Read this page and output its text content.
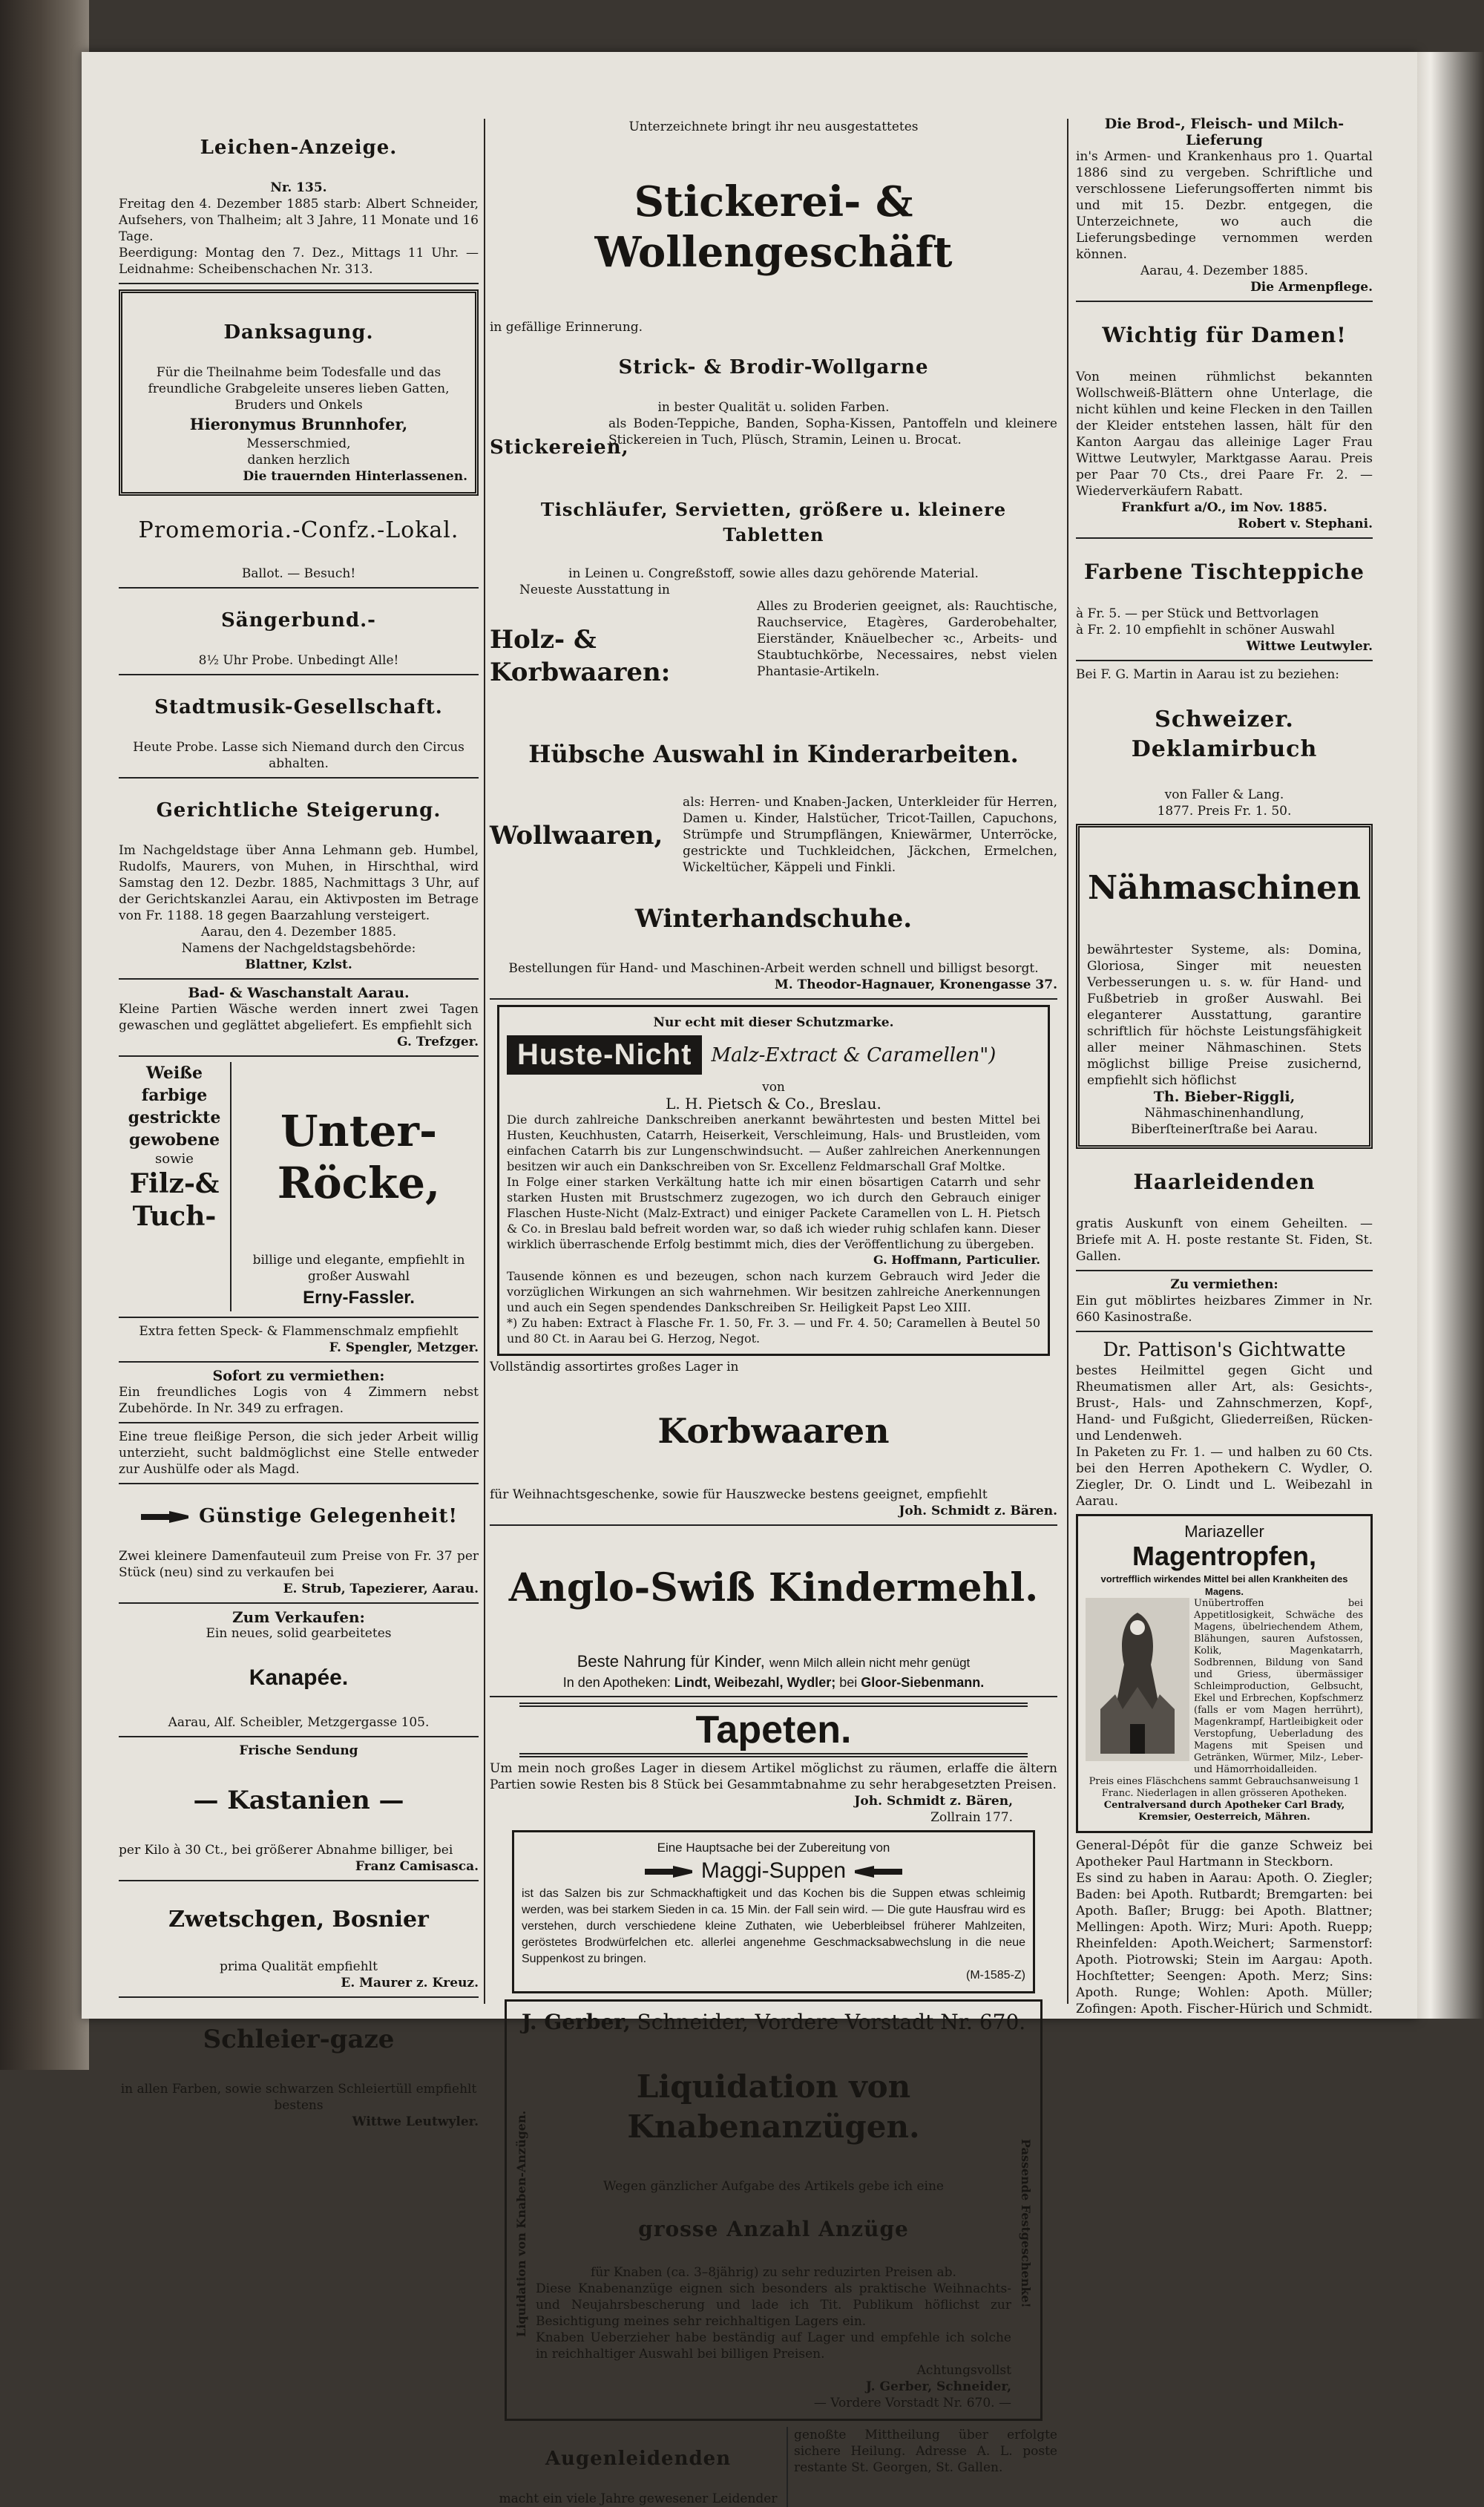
Leichen-Anzeige.

Nr. 135.

Freitag den 4. Dezember 1885 starb: Albert Schneider, Aufsehers, von Thalheim; alt 3 Jahre, 11 Monate und 16 Tage.

Beerdigung: Montag den 7. Dez., Mittags 11 Uhr. — Leidnahme: Scheibenschachen Nr. 313.

Danksagung.

Für die Theilnahme beim Todesfalle und das freundliche Grabgeleite unseres lieben Gatten, Bruders und Onkels

Hieronymus Brunnhofer,

Messerschmied,

danken herzlich

Die trauernden Hinterlassenen.

Promemoria.-Confz.-Lokal.

Ballot. — Besuch!

Sängerbund.-

8½ Uhr Probe. Unbedingt Alle!

Stadtmusik-Gesellschaft.

Heute Probe. Lasse sich Niemand durch den Circus abhalten.

Gerichtliche Steigerung.

Im Nachgeldstage über Anna Lehmann geb. Humbel, Rudolfs, Maurers, von Muhen, in Hirschthal, wird Samstag den 12. Dezbr. 1885, Nachmittags 3 Uhr, auf der Gerichtskanzlei Aarau, ein Aktivposten im Betrage von Fr. 1188. 18 gegen Baarzahlung versteigert.

Aarau, den 4. Dezember 1885.

Namens der Nachgeldstagsbehörde:

Blattner, Kzlst.

Bad- & Waschanstalt Aarau.

Kleine Partien Wäsche werden innert zwei Tagen gewaschen und geglättet abgeliefert. Es empfiehlt sich

G. Trefzger.

Weiße

farbige

gestrickte

gewobene

sowie

Filz-& Tuch-

Unter-Röcke,

billige und elegante, empfiehlt in großer Auswahl

Erny-Fassler.

Extra fetten Speck- & Flammenschmalz empfiehlt

F. Spengler, Metzger.

Sofort zu vermiethen:

Ein freundliches Logis von 4 Zimmern nebst Zubehörde. In Nr. 349 zu erfragen.

Eine treue fleißige Person, die sich jeder Arbeit willig unterzieht, sucht baldmöglichst eine Stelle entweder zur Aushülfe oder als Magd.

Günstige Gelegenheit!

Zwei kleinere Damenfauteuil zum Preise von Fr. 37 per Stück (neu) sind zu verkaufen bei

E. Strub, Tapezierer, Aarau.

Zum Verkaufen:

Ein neues, solid gearbeitetes

Kanapée.

Aarau, Alf. Scheibler, Metzgergasse 105.

Frische Sendung

— Kastanien —

per Kilo à 30 Ct., bei größerer Abnahme billiger, bei

Franz Camisasca.

Zwetschgen, Bosnier

prima Qualität empfiehlt

E. Maurer z. Kreuz.

Schleier-gaze

in allen Farben, sowie schwarzen Schleiertüll empfiehlt bestens

Wittwe Leutwyler.

Unterzeichnete bringt ihr neu ausgestattetes

Stickerei- & Wollengeschäft

in gefällige Erinnerung.

Strick- & Brodir-Wollgarne

in bester Qualität u. soliden Farben.

Stickereien,

als Boden-Teppiche, Banden, Sopha-Kissen, Pantoffeln und kleinere Stickereien in Tuch, Plüsch, Stramin, Leinen u. Brocat.

Tischläufer, Servietten, größere u. kleinere Tabletten

in Leinen u. Congreßstoff, sowie alles dazu gehörende Material.

Neueste Ausstattung in

Holz- & Korbwaaren:

Alles zu Broderien geeignet, als: Rauchtische, Rauchservice, Etagères, Garderobehalter, Eierständer, Knäuelbecher ꝛc., Arbeits- und Staubtuchkörbe, Necessaires, nebst vielen Phantasie-Artikeln.

Hübsche Auswahl in Kinderarbeiten.

Wollwaaren,

als: Herren- und Knaben-Jacken, Unterkleider für Herren, Damen u. Kinder, Halstücher, Tricot-Taillen, Capuchons, Strümpfe und Strumpflängen, Kniewärmer, Unterröcke, gestrickte und Tuchkleidchen, Jäckchen, Ermelchen, Wickeltücher, Käppeli und Finkli.

Winterhandschuhe.

Bestellungen für Hand- und Maschinen-Arbeit werden schnell und billigst besorgt.

M. Theodor-Hagnauer, Kronengasse 37.

Nur echt mit dieser Schutzmarke.

Huste-Nicht	Malz-Extract & Caramellen")

von

L. H. Pietsch & Co., Breslau.

Die durch zahlreiche Dankschreiben anerkannt bewährtesten und besten Mittel bei Husten, Keuchhusten, Catarrh, Heiserkeit, Verschleimung, Hals- und Brustleiden, vom einfachen Catarrh bis zur Lungenschwindsucht. — Außer zahlreichen Anerkennungen besitzen wir auch ein Dankschreiben von Sr. Excellenz Feldmarschall Graf Moltke.

In Folge einer starken Verkältung hatte ich mir einen bösartigen Catarrh und sehr starken Husten mit Brustschmerz zugezogen, wo ich durch den Gebrauch einiger Flaschen Huste-Nicht (Malz-Extract) und einiger Packete Caramellen von L. H. Pietsch & Co. in Breslau bald befreit worden war, so daß ich wieder ruhig schlafen kann. Dieser wirklich überraschende Erfolg bestimmt mich, dies der Veröffentlichung zu übergeben.

G. Hoffmann, Particulier.

Tausende können es und bezeugen, schon nach kurzem Gebrauch wird Jeder die vorzüglichen Wirkungen an sich wahrnehmen. Wir besitzen zahlreiche Anerkennungen und auch ein Segen spendendes Dankschreiben Sr. Heiligkeit Papst Leo XIII.

*) Zu haben: Extract à Flasche Fr. 1. 50, Fr. 3. — und Fr. 4. 50; Caramellen à Beutel 50 und 80 Ct. in Aarau bei G. Herzog, Negot.

Vollständig assortirtes großes Lager in

Korbwaaren

für Weihnachtsgeschenke, sowie für Hauszwecke bestens geeignet, empfiehlt

Joh. Schmidt z. Bären.

Anglo-Swiß Kindermehl.

Beste Nahrung für Kinder, wenn Milch allein nicht mehr genügt

In den Apotheken: Lindt, Weibezahl, Wydler; bei Gloor-Siebenmann.

Tapeten.

Um mein noch großes Lager in diesem Artikel möglichst zu räumen, erlaffe die ältern Partien sowie Resten bis 8 Stück bei Gesammtabnahme zu sehr herabgesetzten Preisen.

Joh. Schmidt z. Bären,

Zollrain 177.

Eine Hauptsache bei der Zubereitung von

Maggi-Suppen

ist das Salzen bis zur Schmackhaftigkeit und das Kochen bis die Suppen etwas schleimig werden, was bei starkem Sieden in ca. 15 Min. der Fall sein wird. — Die gute Hausfrau wird es verstehen, durch verschiedene kleine Zuthaten, wie Ueberbleibsel früherer Mahlzeiten, geröstetes Brodwürfelchen etc. allerlei angenehme Geschmacksabwechslung in die neue Suppenkost zu bringen.

(M-1585-Z)

J. Gerber, Schneider, Vordere Vorstadt Nr. 670.

Liquidation von Knaben-Anzügen.

Liquidation von Knabenanzügen.

Wegen gänzlicher Aufgabe des Artikels gebe ich eine

grosse Anzahl Anzüge

für Knaben (ca. 3–8jährig) zu sehr reduzirten Preisen ab.

Diese Knabenanzüge eignen sich besonders als praktische Weihnachts- und Neujahrsbescherung und lade ich Tit. Publikum höflichst zur Besichtigung meines sehr reichhaltigen Lagers ein.

Knaben Ueberzieher habe beständig auf Lager und empfehle ich solche in reichhaltiger Auswahl bei billigen Preisen.

Achtungsvollst

J. Gerber, Schneider,

— Vordere Vorstadt Nr. 670. —

Passende Festgeschenke!

Augenleidenden

macht ein viele Jahre gewesener Leidender

genoßte Mittheilung über erfolgte sichere Heilung. Adresse A. L. poste restante St. Georgen, St. Gallen.

Die Brod-, Fleisch- und Milch-Lieferung

in's Armen- und Krankenhaus pro 1. Quartal 1886 sind zu vergeben. Schriftliche und verschlossene Lieferungsofferten nimmt bis und mit 15. Dezbr. entgegen, die Unterzeichnete, wo auch die Lieferungsbedinge vernommen werden können.

Aarau, 4. Dezember 1885.

Die Armenpflege.

Wichtig für Damen!

Von meinen rühmlichst bekannten Wollschweiß-Blättern ohne Unterlage, die nicht kühlen und keine Flecken in den Taillen der Kleider entstehen lassen, hält für den Kanton Aargau das alleinige Lager Frau Wittwe Leutwyler, Marktgasse Aarau. Preis per Paar 70 Cts., drei Paare Fr. 2. — Wiederverkäufern Rabatt.

Frankfurt a/O., im Nov. 1885.

Robert v. Stephani.

Farbene Tischteppiche

à Fr. 5. — per Stück und Bettvorlagen

à Fr. 2. 10 empfiehlt in schöner Auswahl

Wittwe Leutwyler.

Bei F. G. Martin in Aarau ist zu beziehen:

Schweizer. Deklamirbuch

von Faller & Lang.

1877. Preis Fr. 1. 50.

Nähmaschinen

bewährtester Systeme, als: Domina, Gloriosa, Singer mit neuesten Verbesserungen u. s. w. für Hand- und Fußbetrieb in großer Auswahl. Bei eleganterer Ausstattung, garantire schriftlich für höchste Leistungsfähigkeit aller meiner Nähmaschinen. Stets möglichst billige Preise zusichernd, empfiehlt sich höflichst

Th. Bieber-Riggli,

Nähmaschinenhandlung,

Biberſteinerſtraße bei Aarau.

Haarleidenden

gratis Auskunft von einem Geheilten. — Briefe mit A. H. poste restante St. Fiden, St. Gallen.

Zu vermiethen:

Ein gut möblirtes heizbares Zimmer in Nr. 660 Kasinostraße.

Dr. Pattison's Gichtwatte

bestes Heilmittel gegen Gicht und Rheumatismen aller Art, als: Gesichts-, Brust-, Hals- und Zahnschmerzen, Kopf-, Hand- und Fußgicht, Gliederreißen, Rücken- und Lendenweh.

In Paketen zu Fr. 1. — und halben zu 60 Cts. bei den Herren Apothekern C. Wydler, O. Ziegler, Dr. O. Lindt und L. Weibezahl in Aarau.

Mariazeller

Magentropfen,

vortrefflich wirkendes Mittel bei allen Krankheiten des Magens.

Unübertroffen bei Appetitlosigkeit, Schwäche des Magens, übelriechendem Athem, Blähungen, sauren Aufstossen, Kolik, Magenkatarrh, Sodbrennen, Bildung von Sand und Griess, übermässiger Schleimproduction, Gelbsucht, Ekel und Erbrechen, Kopfschmerz (falls er vom Magen herrührt), Magenkrampf, Hartleibigkeit oder Verstopfung, Ueberladung des Magens mit Speisen und Getränken, Würmer, Milz-, Leber- und Hämorrhoidalleiden.

Preis eines Fläschchens sammt Gebrauchsanweisung 1 Franc. Niederlagen in allen grösseren Apotheken.

Centralversand durch Apotheker Carl Brady, Kremsier, Oesterreich, Mähren.

General-Dépôt für die ganze Schweiz bei Apotheker Paul Hartmann in Steckborn.

Es sind zu haben in Aarau: Apoth. O. Ziegler; Baden: bei Apoth. Rutbardt; Bremgarten: bei Apoth. Baſler; Brugg: bei Apoth. Blattner; Mellingen: Apoth. Wirz; Muri: Apoth. Ruepp; Rheinfelden: Apoth.Weichert; Sarmenstorf: Apoth. Piotrowski; Stein im Aargau: Apoth. Hochſtetter; Seengen: Apoth. Merz; Sins: Apoth. Runge; Wohlen: Apoth. Müller; Zofingen: Apoth. Fischer-Hürich und Schmidt.
